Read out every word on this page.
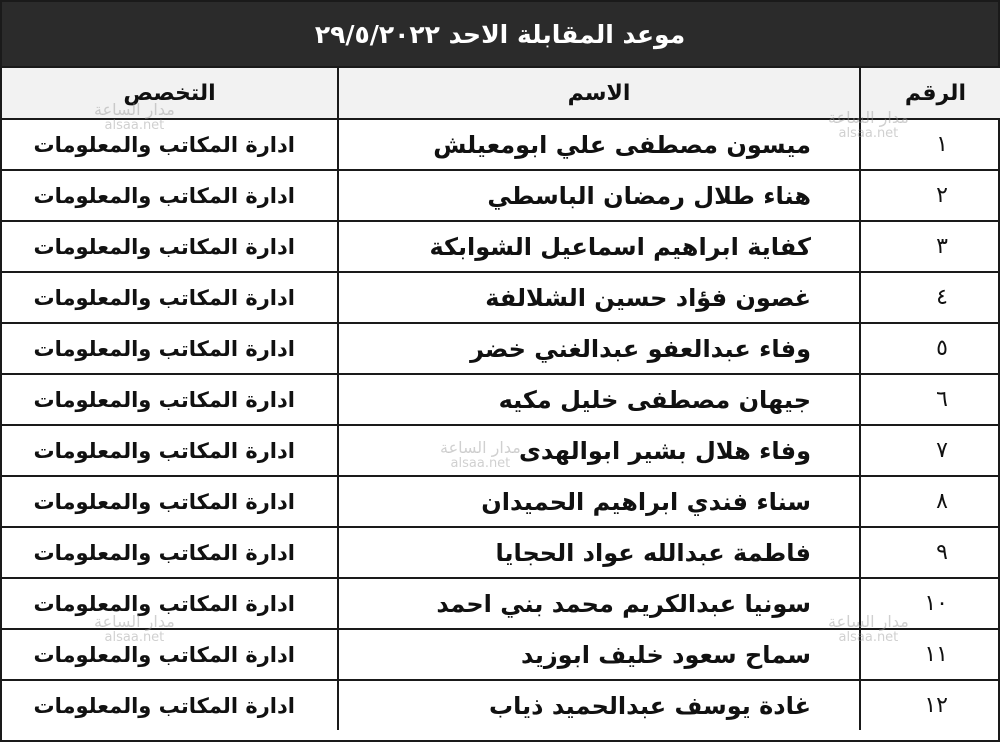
موعد المقابلة الاحد ٢٩/٥/٢٠٢٢
الرقم	الاسم	التخصص
١	ميسون مصطفى علي ابومعيلش	ادارة المكاتب والمعلومات
٢	هناء طلال رمضان الباسطي	ادارة المكاتب والمعلومات
٣	كفاية ابراهيم اسماعيل الشوابكة	ادارة المكاتب والمعلومات
٤	غصون فؤاد حسين الشلالفة	ادارة المكاتب والمعلومات
٥	وفاء عبدالعفو عبدالغني خضر	ادارة المكاتب والمعلومات
٦	جيهان مصطفى خليل مكيه	ادارة المكاتب والمعلومات
٧	وفاء هلال بشير ابوالهدى	ادارة المكاتب والمعلومات
٨	سناء فندي ابراهيم الحميدان	ادارة المكاتب والمعلومات
٩	فاطمة عبدالله عواد الحجايا	ادارة المكاتب والمعلومات
١٠	سونيا عبدالكريم محمد بني احمد	ادارة المكاتب والمعلومات
١١	سماح سعود خليف ابوزيد	ادارة المكاتب والمعلومات
١٢	غادة يوسف عبدالحميد ذياب	ادارة المكاتب والمعلومات
مدار الساعة
alsaa.net	مدار الساعة
alsaa.net
مدار الساعة
alsaa.net
مدار الساعة
alsaa.net
مدار الساعة
alsaa.net
